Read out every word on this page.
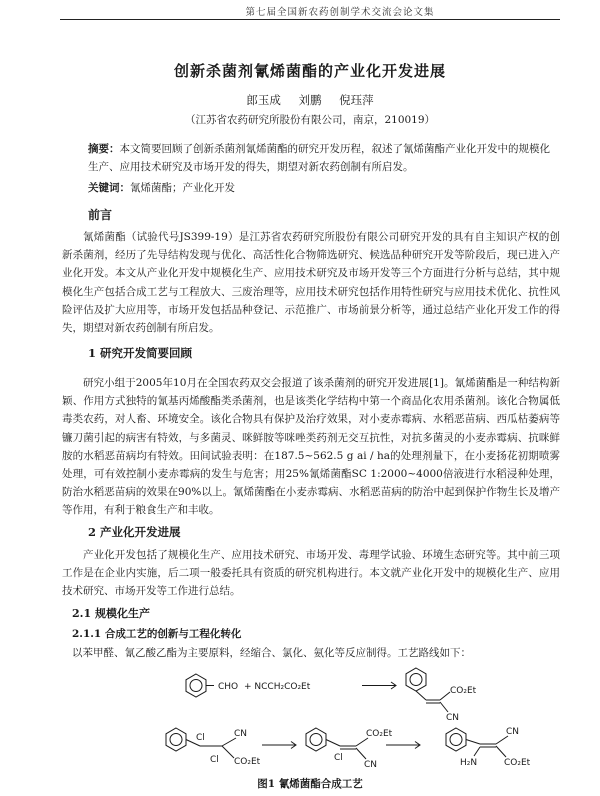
第七届全国新农药创制学术交流会论文集
创新杀菌剂氰烯菌酯的产业化开发进展
郎玉成 刘鹏 倪珏萍
（江苏省农药研究所股份有限公司，南京，210019）
摘要：本文简要回顾了创新杀菌剂氰烯菌酯的研究开发历程，叙述了氰烯菌酯产业化开发中的规模化生产、应用技术研究及市场开发的得失，期望对新农药创制有所启发。
关键词：氰烯菌酯；产业化开发
前言
氰烯菌酯（试验代号JS399-19）是江苏省农药研究所股份有限公司研究开发的具有自主知识产权的创新杀菌剂，经历了先导结构发现与优化、高活性化合物筛选研究、候选品种研究开发等阶段后，现已进入产业化开发。本文从产业化开发中规模化生产、应用技术研究及市场开发等三个方面进行分析与总结，其中规模化生产包括合成工艺与工程放大、三废治理等，应用技术研究包括作用特性研究与应用技术优化、抗性风险评估及扩大应用等，市场开发包括品种登记、示范推广、市场前景分析等，通过总结产业化开发工作的得失，期望对新农药创制有所启发。
1 研究开发简要回顾
研究小组于2005年10月在全国农药双交会报道了该杀菌剂的研究开发进展[1]。氰烯菌酯是一种结构新颖、作用方式独特的氰基丙烯酸酯类杀菌剂，也是该类化学结构中第一个商品化农用杀菌剂。该化合物属低毒类农药，对人畜、环境安全。该化合物具有保护及治疗效果，对小麦赤霉病、水稻恶苗病、西瓜枯萎病等镰刀菌引起的病害有特效，与多菌灵、咪鲜胺等咪唑类药剂无交互抗性，对抗多菌灵的小麦赤霉病、抗咪鲜胺的水稻恶苗病均有特效。田间试验表明：在187.5~562.5 g ai / ha的处理剂量下，在小麦扬花初期喷雾处理，可有效控制小麦赤霉病的发生与危害；用25%氰烯菌酯SC 1:2000~4000倍液进行水稻浸种处理，防治水稻恶苗病的效果在90%以上。氰烯菌酯在小麦赤霉病、水稻恶苗病的防治中起到保护作物生长及增产等作用，有利于粮食生产和丰收。
2 产业化开发进展
产业化开发包括了规模化生产、应用技术研究、市场开发、毒理学试验、环境生态研究等。其中前三项工作是在企业内实施，后二项一般委托具有资质的研究机构进行。本文就产业化开发中的规模化生产、应用技术研究、市场开发等工作进行总结。
2.1 规模化生产
2.1.1 合成工艺的创新与工程化转化
以苯甲醛、氰乙酸乙酯为主要原料，经缩合、氯化、氨化等反应制得。工艺路线如下：
CHO + NCCH₂CO₂Et	CO₂Et
CN
Cl
Cl
CN
CO₂Et	Cl
CO₂Et
CN	H₂N
CN
CO₂Et
图1 氰烯菌酯合成工艺
